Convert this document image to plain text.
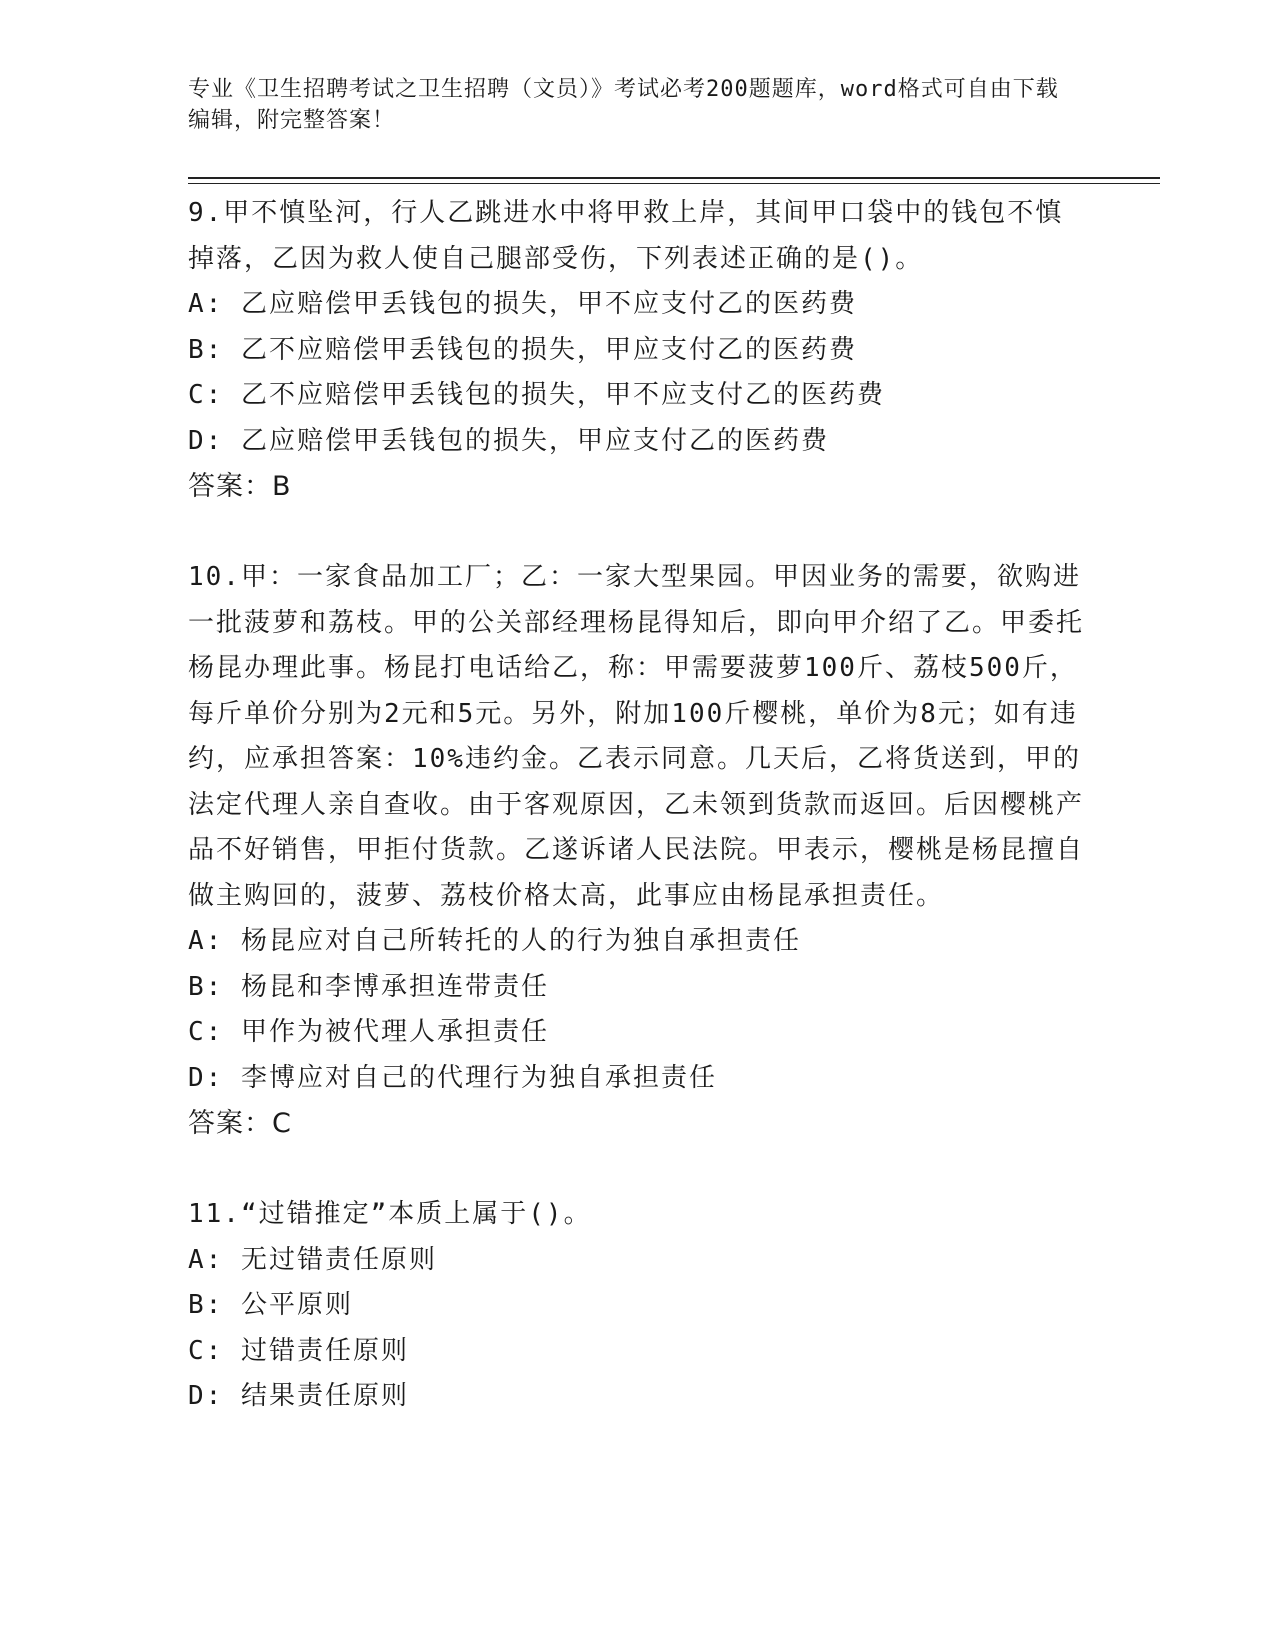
专业《卫生招聘考试之卫生招聘（文员）》考试必考200题题库，word格式可自由下载编辑，附完整答案！
9.甲不慎坠河，行人乙跳进水中将甲救上岸，其间甲口袋中的钱包不慎掉落，乙因为救人使自己腿部受伤，下列表述正确的是()。
A: 乙应赔偿甲丢钱包的损失，甲不应支付乙的医药费
B: 乙不应赔偿甲丢钱包的损失，甲应支付乙的医药费
C: 乙不应赔偿甲丢钱包的损失，甲不应支付乙的医药费
D: 乙应赔偿甲丢钱包的损失，甲应支付乙的医药费
答案：B
10.甲：一家食品加工厂；乙：一家大型果园。甲因业务的需要，欲购进一批菠萝和荔枝。甲的公关部经理杨昆得知后，即向甲介绍了乙。甲委托杨昆办理此事。杨昆打电话给乙，称：甲需要菠萝100斤、荔枝500斤，每斤单价分别为2元和5元。另外，附加100斤樱桃，单价为8元；如有违约，应承担答案：10%违约金。乙表示同意。几天后，乙将货送到，甲的法定代理人亲自查收。由于客观原因，乙未领到货款而返回。后因樱桃产品不好销售，甲拒付货款。乙遂诉诸人民法院。甲表示，樱桃是杨昆擅自做主购回的，菠萝、荔枝价格太高，此事应由杨昆承担责任。
A: 杨昆应对自己所转托的人的行为独自承担责任
B: 杨昆和李博承担连带责任
C: 甲作为被代理人承担责任
D: 李博应对自己的代理行为独自承担责任
答案：C
11.“过错推定”本质上属于()。
A: 无过错责任原则
B: 公平原则
C: 过错责任原则
D: 结果责任原则
